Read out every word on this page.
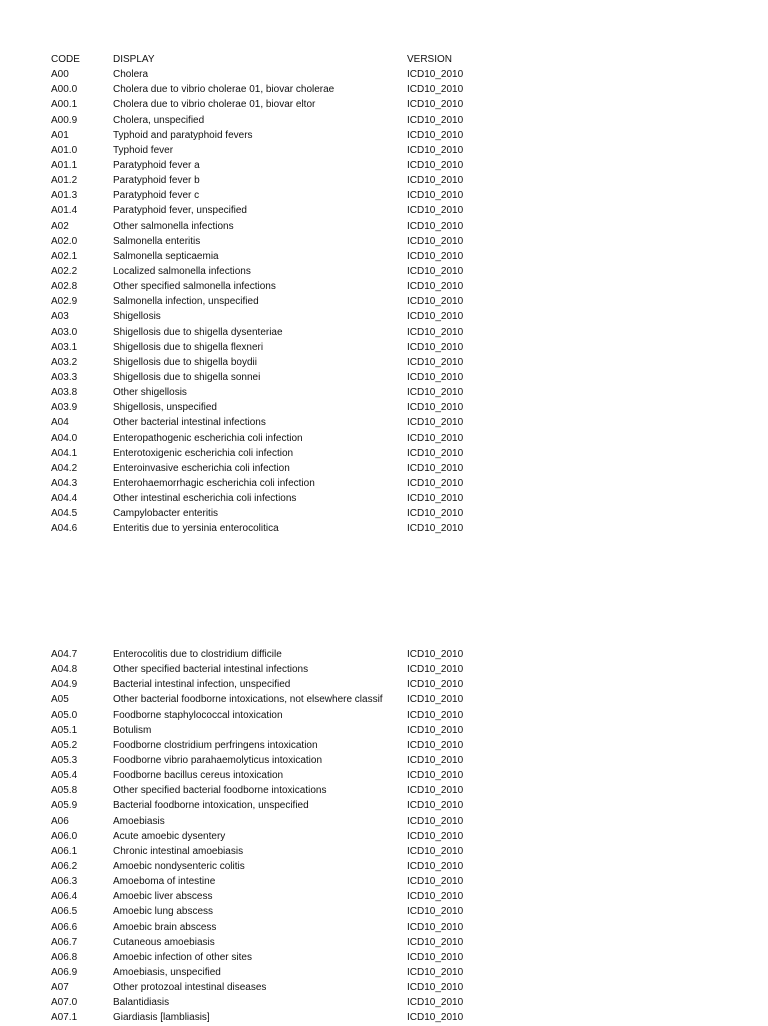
CODE	DISPLAY	VERSION
A00	Cholera	ICD10_2010
A00.0	Cholera due to vibrio cholerae 01, biovar cholerae	ICD10_2010
A00.1	Cholera due to vibrio cholerae 01, biovar eltor	ICD10_2010
A00.9	Cholera, unspecified	ICD10_2010
A01	Typhoid and paratyphoid fevers	ICD10_2010
A01.0	Typhoid fever	ICD10_2010
A01.1	Paratyphoid fever a	ICD10_2010
A01.2	Paratyphoid fever b	ICD10_2010
A01.3	Paratyphoid fever c	ICD10_2010
A01.4	Paratyphoid fever, unspecified	ICD10_2010
A02	Other salmonella infections	ICD10_2010
A02.0	Salmonella enteritis	ICD10_2010
A02.1	Salmonella septicaemia	ICD10_2010
A02.2	Localized salmonella infections	ICD10_2010
A02.8	Other specified salmonella infections	ICD10_2010
A02.9	Salmonella infection, unspecified	ICD10_2010
A03	Shigellosis	ICD10_2010
A03.0	Shigellosis due to shigella dysenteriae	ICD10_2010
A03.1	Shigellosis due to shigella flexneri	ICD10_2010
A03.2	Shigellosis due to shigella boydii	ICD10_2010
A03.3	Shigellosis due to shigella sonnei	ICD10_2010
A03.8	Other shigellosis	ICD10_2010
A03.9	Shigellosis, unspecified	ICD10_2010
A04	Other bacterial intestinal infections	ICD10_2010
A04.0	Enteropathogenic escherichia coli infection	ICD10_2010
A04.1	Enterotoxigenic escherichia coli infection	ICD10_2010
A04.2	Enteroinvasive escherichia coli infection	ICD10_2010
A04.3	Enterohaemorrhagic escherichia coli infection	ICD10_2010
A04.4	Other intestinal escherichia coli infections	ICD10_2010
A04.5	Campylobacter enteritis	ICD10_2010
A04.6	Enteritis due to yersinia enterocolitica	ICD10_2010
A04.7	Enterocolitis due to clostridium difficile	ICD10_2010
A04.8	Other specified bacterial intestinal infections	ICD10_2010
A04.9	Bacterial intestinal infection, unspecified	ICD10_2010
A05	Other bacterial foodborne intoxications, not elsewhere classif ICD10_2010
A05.0	Foodborne staphylococcal intoxication	ICD10_2010
A05.1	Botulism	ICD10_2010
A05.2	Foodborne clostridium perfringens intoxication	ICD10_2010
A05.3	Foodborne vibrio parahaemolyticus intoxication	ICD10_2010
A05.4	Foodborne bacillus cereus intoxication	ICD10_2010
A05.8	Other specified bacterial foodborne intoxications	ICD10_2010
A05.9	Bacterial foodborne intoxication, unspecified	ICD10_2010
A06	Amoebiasis	ICD10_2010
A06.0	Acute amoebic dysentery	ICD10_2010
A06.1	Chronic intestinal amoebiasis	ICD10_2010
A06.2	Amoebic nondysenteric colitis	ICD10_2010
A06.3	Amoeboma of intestine	ICD10_2010
A06.4	Amoebic liver abscess	ICD10_2010
A06.5	Amoebic lung abscess	ICD10_2010
A06.6	Amoebic brain abscess	ICD10_2010
A06.7	Cutaneous amoebiasis	ICD10_2010
A06.8	Amoebic infection of other sites	ICD10_2010
A06.9	Amoebiasis, unspecified	ICD10_2010
A07	Other protozoal intestinal diseases	ICD10_2010
A07.0	Balantidiasis	ICD10_2010
A07.1	Giardiasis [lambliasis]	ICD10_2010
